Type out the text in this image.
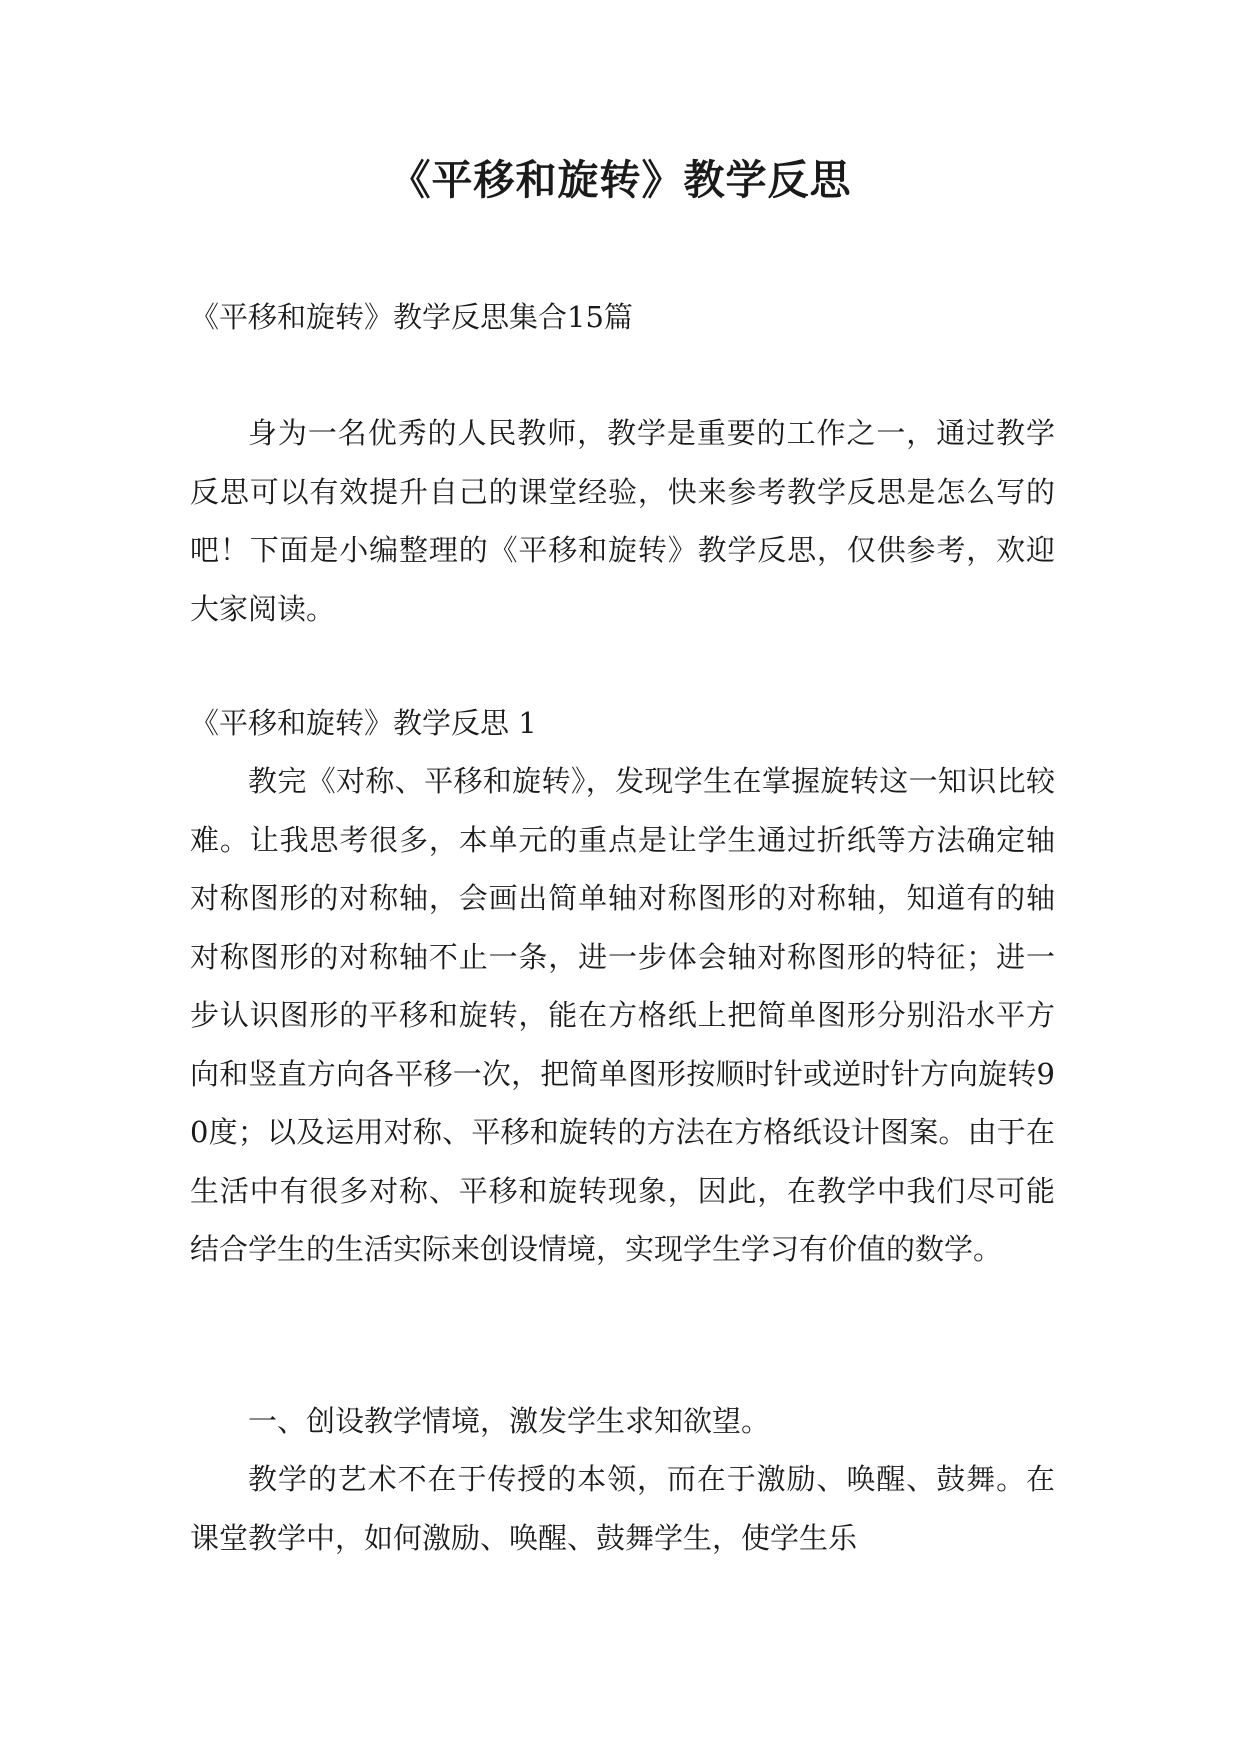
《平移和旋转》教学反思

《平移和旋转》教学反思集合15篇

身为一名优秀的人民教师，教学是重要的工作之一，通过教学反思可以有效提升自己的课堂经验，快来参考教学反思是怎么写的吧！下面是小编整理的《平移和旋转》教学反思，仅供参考，欢迎大家阅读。

《平移和旋转》教学反思 1

教完《对称、平移和旋转》，发现学生在掌握旋转这一知识比较难。让我思考很多，本单元的重点是让学生通过折纸等方法确定轴对称图形的对称轴，会画出简单轴对称图形的对称轴，知道有的轴对称图形的对称轴不止一条，进一步体会轴对称图形的特征；进一步认识图形的平移和旋转，能在方格纸上把简单图形分别沿水平方向和竖直方向各平移一次，把简单图形按顺时针或逆时针方向旋转90度；以及运用对称、平移和旋转的方法在方格纸设计图案。由于在生活中有很多对称、平移和旋转现象，因此，在教学中我们尽可能结合学生的生活实际来创设情境，实现学生学习有价值的数学。

一、创设教学情境，激发学生求知欲望。

教学的艺术不在于传授的本领，而在于激励、唤醒、鼓舞。在课堂教学中，如何激励、唤醒、鼓舞学生，使学生乐
